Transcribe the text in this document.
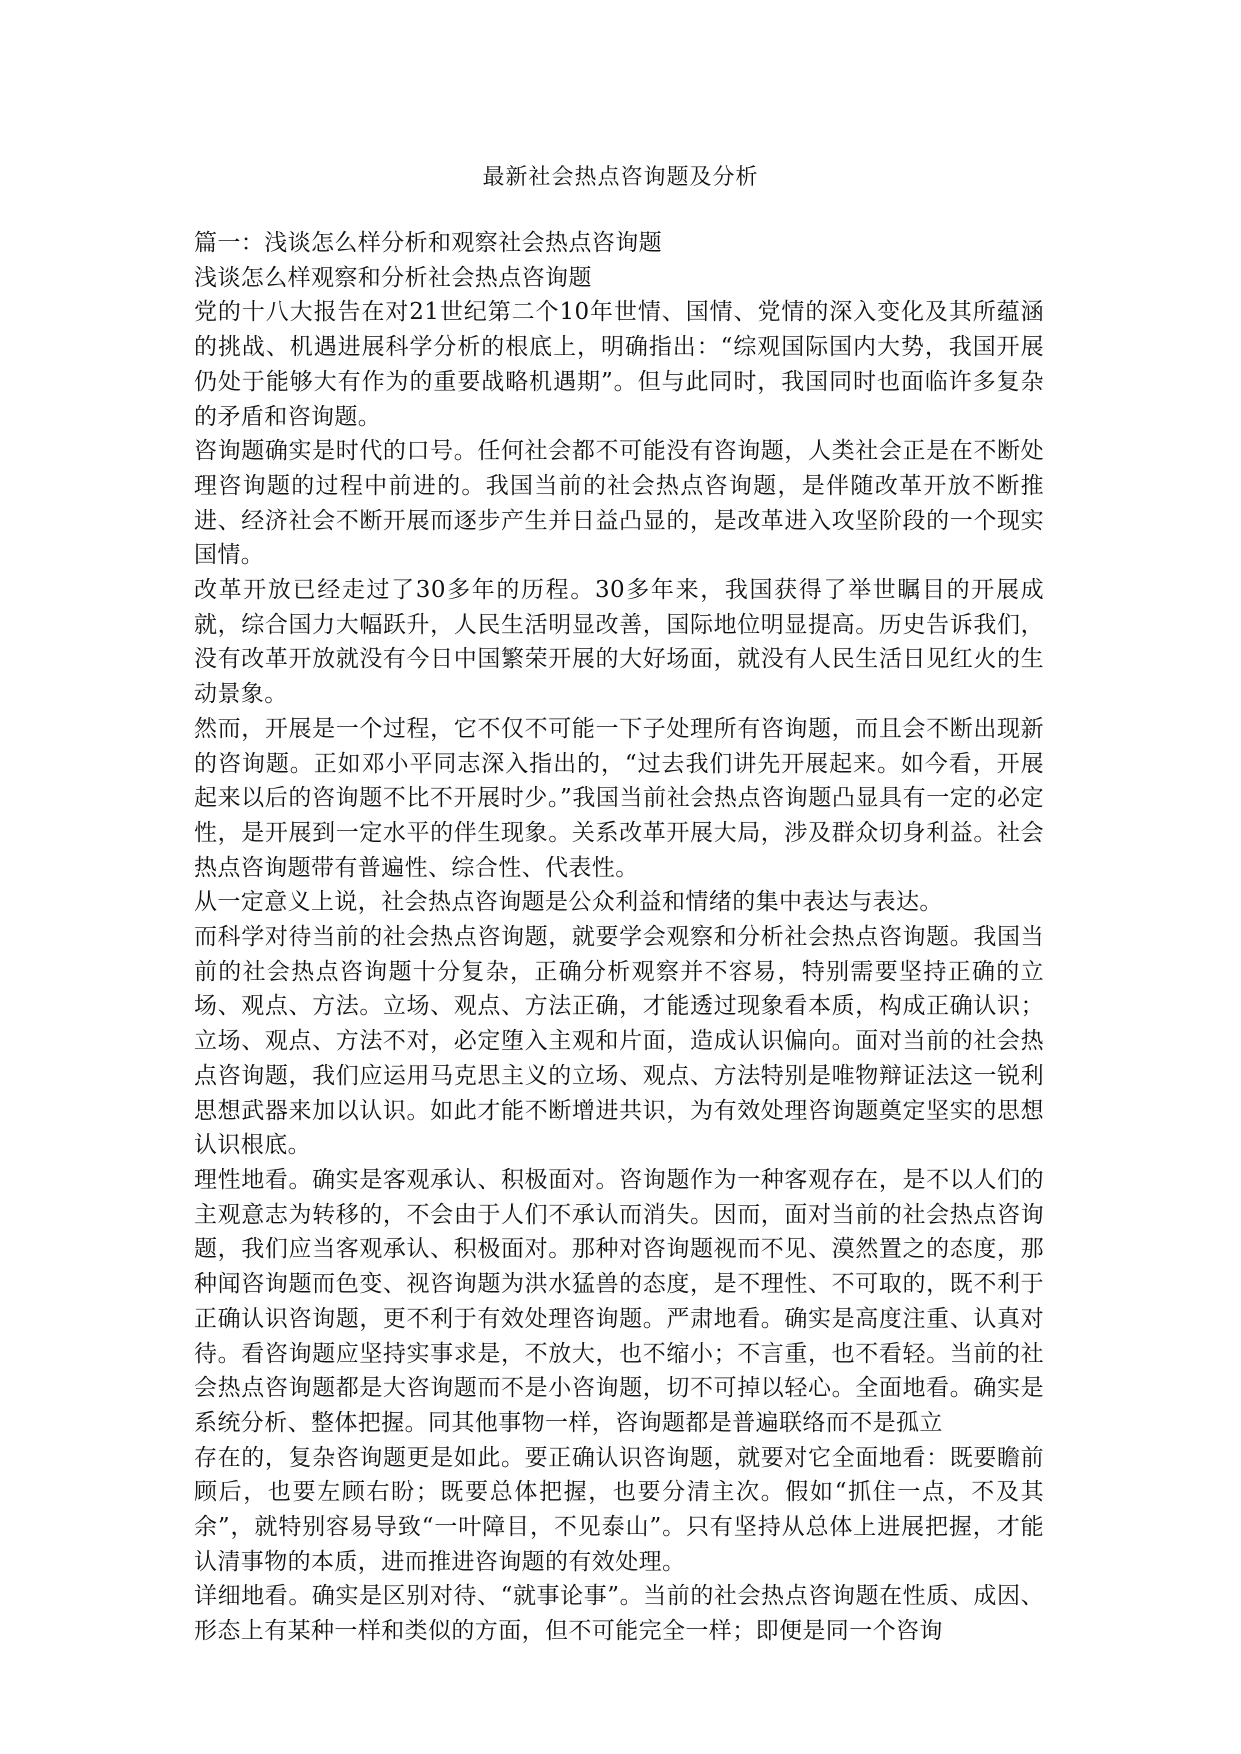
最新社会热点咨询题及分析

篇一：浅谈怎么样分析和观察社会热点咨询题

浅谈怎么样观察和分析社会热点咨询题

党的十八大报告在对21世纪第二个10年世情、国情、党情的深入变化及其所蕴涵的挑战、机遇进展科学分析的根底上，明确指出：“综观国际国内大势，我国开展仍处于能够大有作为的重要战略机遇期”。但与此同时，我国同时也面临许多复杂的矛盾和咨询题。

咨询题确实是时代的口号。任何社会都不可能没有咨询题，人类社会正是在不断处理咨询题的过程中前进的。我国当前的社会热点咨询题，是伴随改革开放不断推进、经济社会不断开展而逐步产生并日益凸显的，是改革进入攻坚阶段的一个现实国情。

改革开放已经走过了30多年的历程。30多年来，我国获得了举世瞩目的开展成就，综合国力大幅跃升，人民生活明显改善，国际地位明显提高。历史告诉我们，没有改革开放就没有今日中国繁荣开展的大好场面，就没有人民生活日见红火的生动景象。

然而，开展是一个过程，它不仅不可能一下子处理所有咨询题，而且会不断出现新的咨询题。正如邓小平同志深入指出的，“过去我们讲先开展起来。如今看，开展起来以后的咨询题不比不开展时少。”我国当前社会热点咨询题凸显具有一定的必定性，是开展到一定水平的伴生现象。关系改革开展大局，涉及群众切身利益。社会热点咨询题带有普遍性、综合性、代表性。

从一定意义上说，社会热点咨询题是公众利益和情绪的集中表达与表达。

而科学对待当前的社会热点咨询题，就要学会观察和分析社会热点咨询题。我国当前的社会热点咨询题十分复杂，正确分析观察并不容易，特别需要坚持正确的立场、观点、方法。立场、观点、方法正确，才能透过现象看本质，构成正确认识；立场、观点、方法不对，必定堕入主观和片面，造成认识偏向。面对当前的社会热点咨询题，我们应运用马克思主义的立场、观点、方法特别是唯物辩证法这一锐利思想武器来加以认识。如此才能不断增进共识，为有效处理咨询题奠定坚实的思想认识根底。

理性地看。确实是客观承认、积极面对。咨询题作为一种客观存在，是不以人们的主观意志为转移的，不会由于人们不承认而消失。因而，面对当前的社会热点咨询题，我们应当客观承认、积极面对。那种对咨询题视而不见、漠然置之的态度，那种闻咨询题而色变、视咨询题为洪水猛兽的态度，是不理性、不可取的，既不利于正确认识咨询题，更不利于有效处理咨询题。严肃地看。确实是高度注重、认真对待。看咨询题应坚持实事求是，不放大，也不缩小；不言重，也不看轻。当前的社会热点咨询题都是大咨询题而不是小咨询题，切不可掉以轻心。全面地看。确实是系统分析、整体把握。同其他事物一样，咨询题都是普遍联络而不是孤立

存在的，复杂咨询题更是如此。要正确认识咨询题，就要对它全面地看：既要瞻前顾后，也要左顾右盼；既要总体把握，也要分清主次。假如“抓住一点，不及其余”，就特别容易导致“一叶障目，不见泰山”。只有坚持从总体上进展把握，才能认清事物的本质，进而推进咨询题的有效处理。

详细地看。确实是区别对待、“就事论事”。当前的社会热点咨询题在性质、成因、形态上有某种一样和类似的方面，但不可能完全一样；即便是同一个咨询
